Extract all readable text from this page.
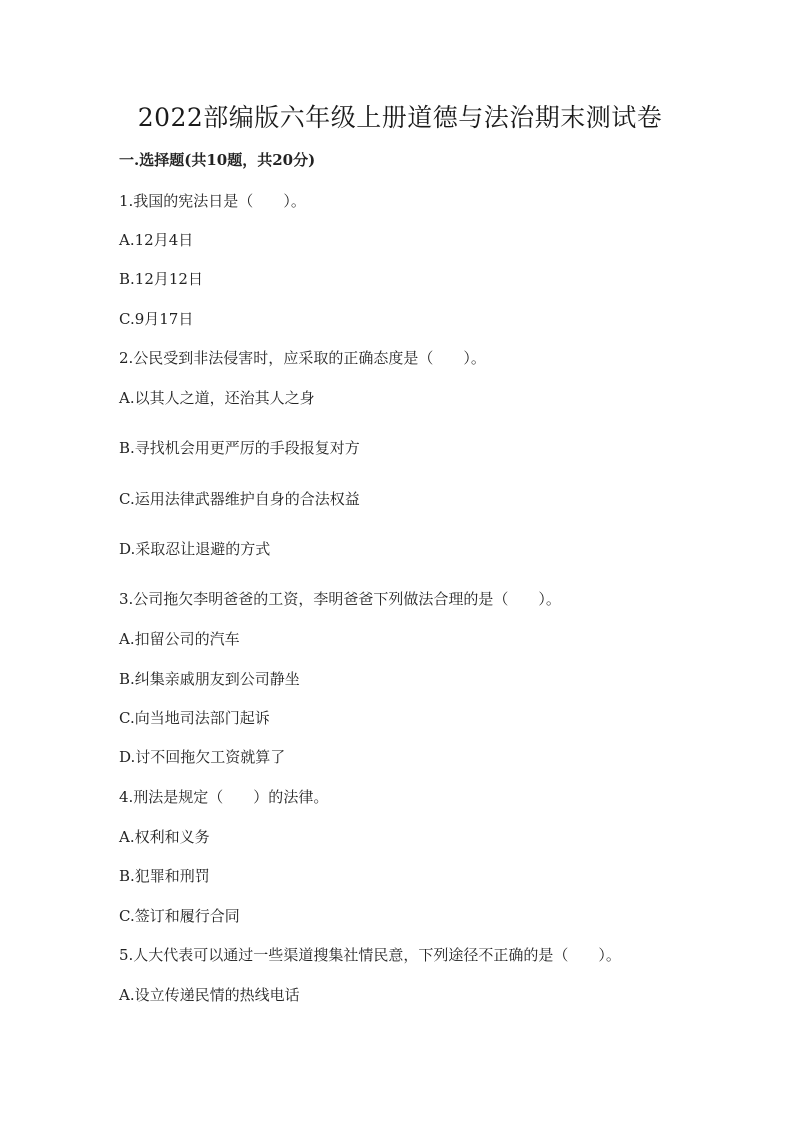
2022部编版六年级上册道德与法治期末测试卷
一.选择题(共10题，共20分)
1.我国的宪法日是（　　）。
A.12月4日
B.12月12日
C.9月17日
2.公民受到非法侵害时，应采取的正确态度是（　　）。
A.以其人之道，还治其人之身
B.寻找机会用更严厉的手段报复对方
C.运用法律武器维护自身的合法权益
D.采取忍让退避的方式
3.公司拖欠李明爸爸的工资，李明爸爸下列做法合理的是（　　）。
A.扣留公司的汽车
B.纠集亲戚朋友到公司静坐
C.向当地司法部门起诉
D.讨不回拖欠工资就算了
4.刑法是规定（　　）的法律。
A.权利和义务
B.犯罪和刑罚
C.签订和履行合同
5.人大代表可以通过一些渠道搜集社情民意，下列途径不正确的是（　　）。
A.设立传递民情的热线电话
